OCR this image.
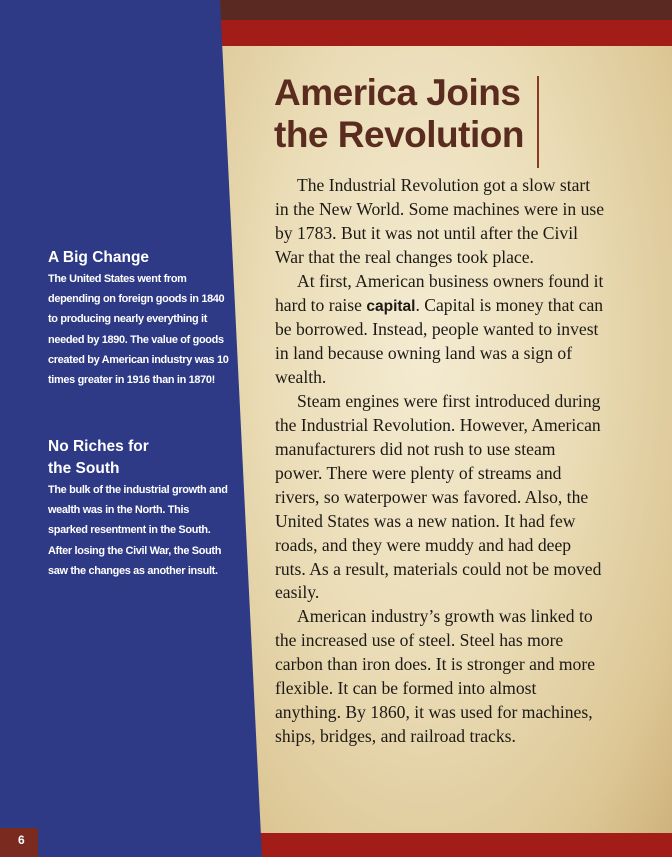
A Big Change

The United States went from depending on foreign goods in 1840 to producing nearly everything it needed by 1890. The value of goods created by American industry was 10 times greater in 1916 than in 1870!

No Riches for
the South

The bulk of the industrial growth and wealth was in the North. This sparked resentment in the South. After losing the Civil War, the South saw the changes as another insult.

6
America Joins
the Revolution

The Industrial Revolution got a slow start in the New World. Some machines were in use by 1783. But it was not until after the Civil War that the real changes took place.

At first, American business owners found it hard to raise capital. Capital is money that can be borrowed. Instead, people wanted to invest in land because owning land was a sign of wealth.

Steam engines were first introduced during the Industrial Revolution. However, American manufacturers did not rush to use steam power. There were plenty of streams and rivers, so waterpower was favored. Also, the United States was a new nation. It had few roads, and they were muddy and had deep ruts. As a result, materials could not be moved easily.

American industry’s growth was linked to the increased use of steel. Steel has more carbon than iron does. It is stronger and more flexible. It can be formed into almost anything. By 1860, it was used for machines, ships, bridges, and railroad tracks.
